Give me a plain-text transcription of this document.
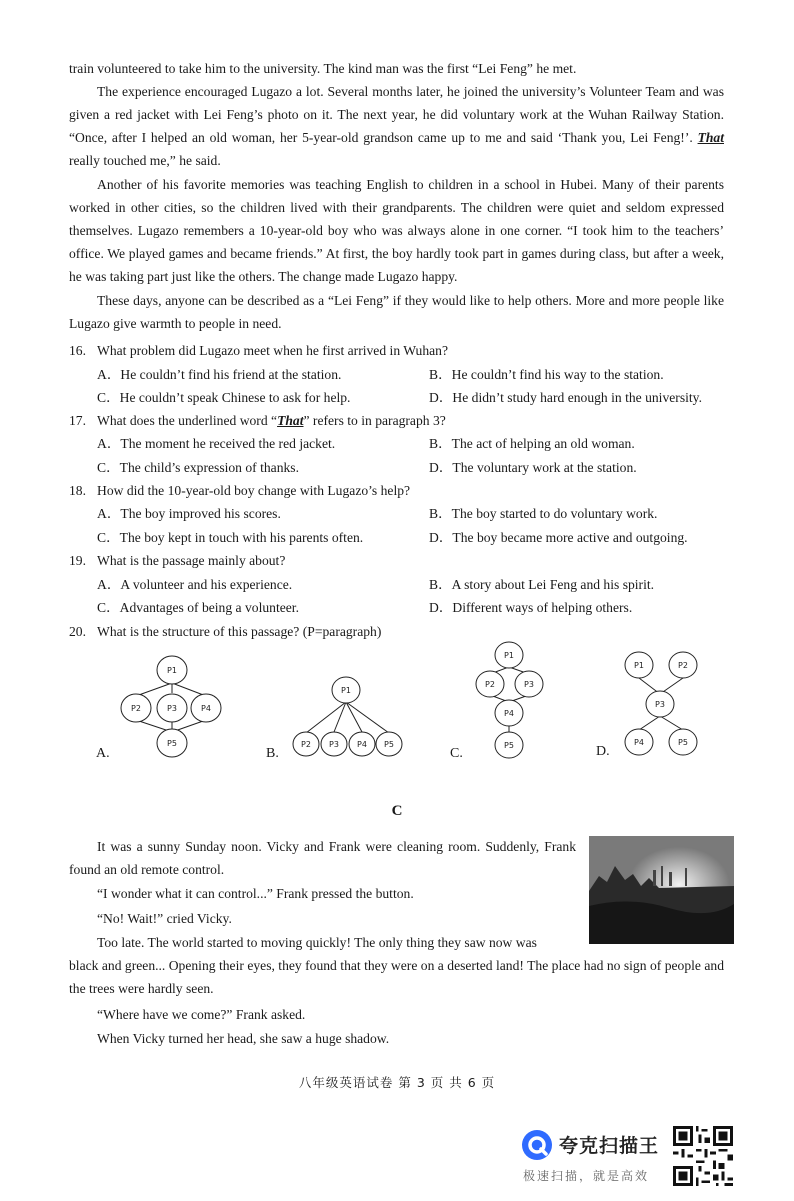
train volunteered to take him to the university. The kind man was the first “Lei Feng” he met.

The experience encouraged Lugazo a lot. Several months later, he joined the university’s Volunteer Team and was given a red jacket with Lei Feng’s photo on it. The next year, he did voluntary work at the Wuhan Railway Station. “Once, after I helped an old woman, her 5-year-old grandson came up to me and said ‘Thank you, Lei Feng!’. That really touched me,” he said.

Another of his favorite memories was teaching English to children in a school in Hubei. Many of their parents worked in other cities, so the children lived with their grandparents. The children were quiet and seldom expressed themselves. Lugazo remembers a 10-year-old boy who was always alone in one corner. “I took him to the teachers’ office. We played games and became friends.” At first, the boy hardly took part in games during class, but after a week, he was taking part just like the others. The change made Lugazo happy.

These days, anyone can be described as a “Lei Feng” if they would like to help others. More and more people like Lugazo give warmth to people in need.

16. What problem did Lugazo meet when he first arrived in Wuhan?
A．He couldn’t find his friend at the station.	B．He couldn’t find his way to the station.
C．He couldn’t speak Chinese to ask for help.	D．He didn’t study hard enough in the university.
17. What does the underlined word “That” refers to in paragraph 3?
A．The moment he received the red jacket.	B．The act of helping an old woman.
C．The child’s expression of thanks.	D．The voluntary work at the station.
18. How did the 10-year-old boy change with Lugazo’s help?
A．The boy improved his scores.	B．The boy started to do voluntary work.
C．The boy kept in touch with his parents often.	D．The boy became more active and outgoing.
19. What is the passage mainly about?
A．A volunteer and his experience.	B．A story about Lei Feng and his spirit.
C．Advantages of being a volunteer.	D．Different ways of helping others.
20. What is the structure of this passage? (P=paragraph)
A.
P1
P2	P3	P4
P5
B.
P1
P2 P3 P4 P5
C.
P1
P2	P3
P4
P5	D.
P1	P2
P3
P4	P5
C

It was a sunny Sunday noon. Vicky and Frank were cleaning room. Suddenly, Frank found an old remote control.

“I wonder what it can control...” Frank pressed the button.

“No! Wait!” cried Vicky.

Too late. The world started to moving quickly! The only thing they saw now was

black and green... Opening their eyes, they found that they were on a deserted land! The place had no sign of people and the trees were hardly seen.

“Where have we come?” Frank asked.

When Vicky turned her head, she saw a huge shadow.

八年级英语试卷 第 3 页 共 6 页
夸克扫描王
极速扫描，就是高效
